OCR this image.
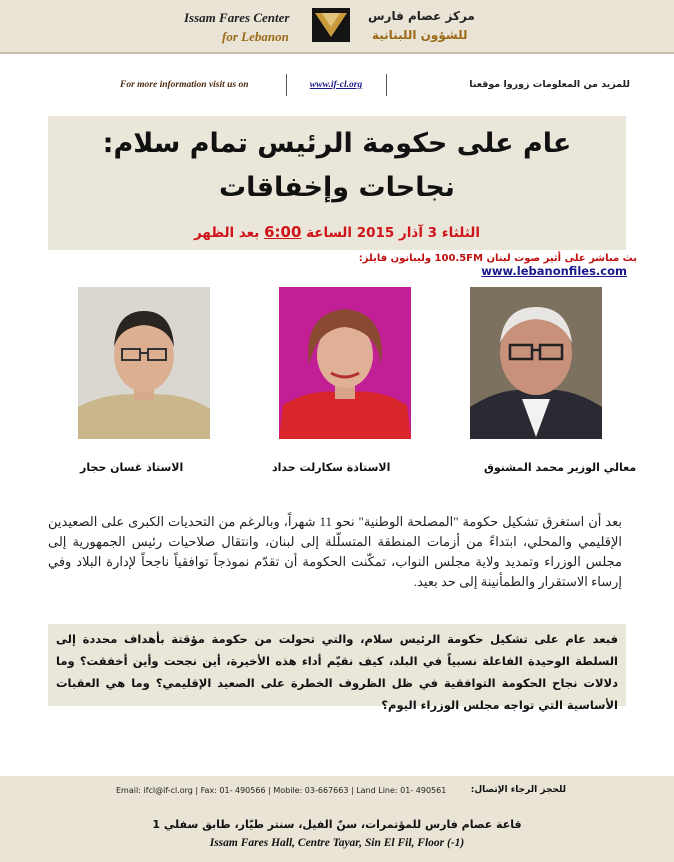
Issam Fares Center
for Lebanon
مركز عصام فارس
للشؤون اللبنانية
For more information visit us on	www.if-cl.org	للمزيد من المعلومات زوروا موقعنا
عام على حكومة الرئيس تمام سلام:
نجاحات وإخفاقات
الثلثاء 3 آذار 2015 الساعة 6:00 بعد الظهر
بث مباشر على أثير صوت لبنان 100.5FM وليبانون فايلز: www.lebanonfiles.com
الاستاذ غسان حجار	الاستاذة سكارلت حداد	معالي الوزير محمد المشنوق
بعد أن استغرق تشكيل حكومة "المصلحة الوطنية" نحو 11 شهراً، وبالرغم من التحديات الكبرى على الصعيدين الإقليمي والمحلي، ابتداءً من أزمات المنطقة المتسلّلة إلى لبنان، وانتقال صلاحيات رئيس الجمهورية إلى مجلس الوزراء وتمديد ولاية مجلس النواب، تمكّنت الحكومة أن تقدّم نموذجاً توافقياً ناجحاً لإدارة البلاد وفي إرساء الاستقرار والطمأنينة إلى حد بعيد.
فبعد عام على تشكيل حكومة الرئيس سلام، والتي تحولت من حكومة مؤقتة بأهداف محددة إلى السلطة الوحيدة الفاعلة نسبياً في البلد، كيف نقيّم أداء هذه الأخيرة، أين نجحت وأين أخفقت؟ وما دلالات نجاح الحكومة التوافقية في ظل الظروف الخطرة على الصعيد الإقليمي؟ وما هي العقبات الأساسية التي تواجه مجلس الوزراء اليوم؟
Email: ifcl@if-cl.org | Fax: 01- 490566 | Mobile: 03-667663 | Land Line: 01- 490561	للحجز الرجاء الإتصال:
قاعة عصام فارس للمؤتمرات، سنّ الفيل، سنتر طيّار، طابق سفلي 1
Issam Fares Hall, Centre Tayar, Sin El Fil, Floor (-1)
